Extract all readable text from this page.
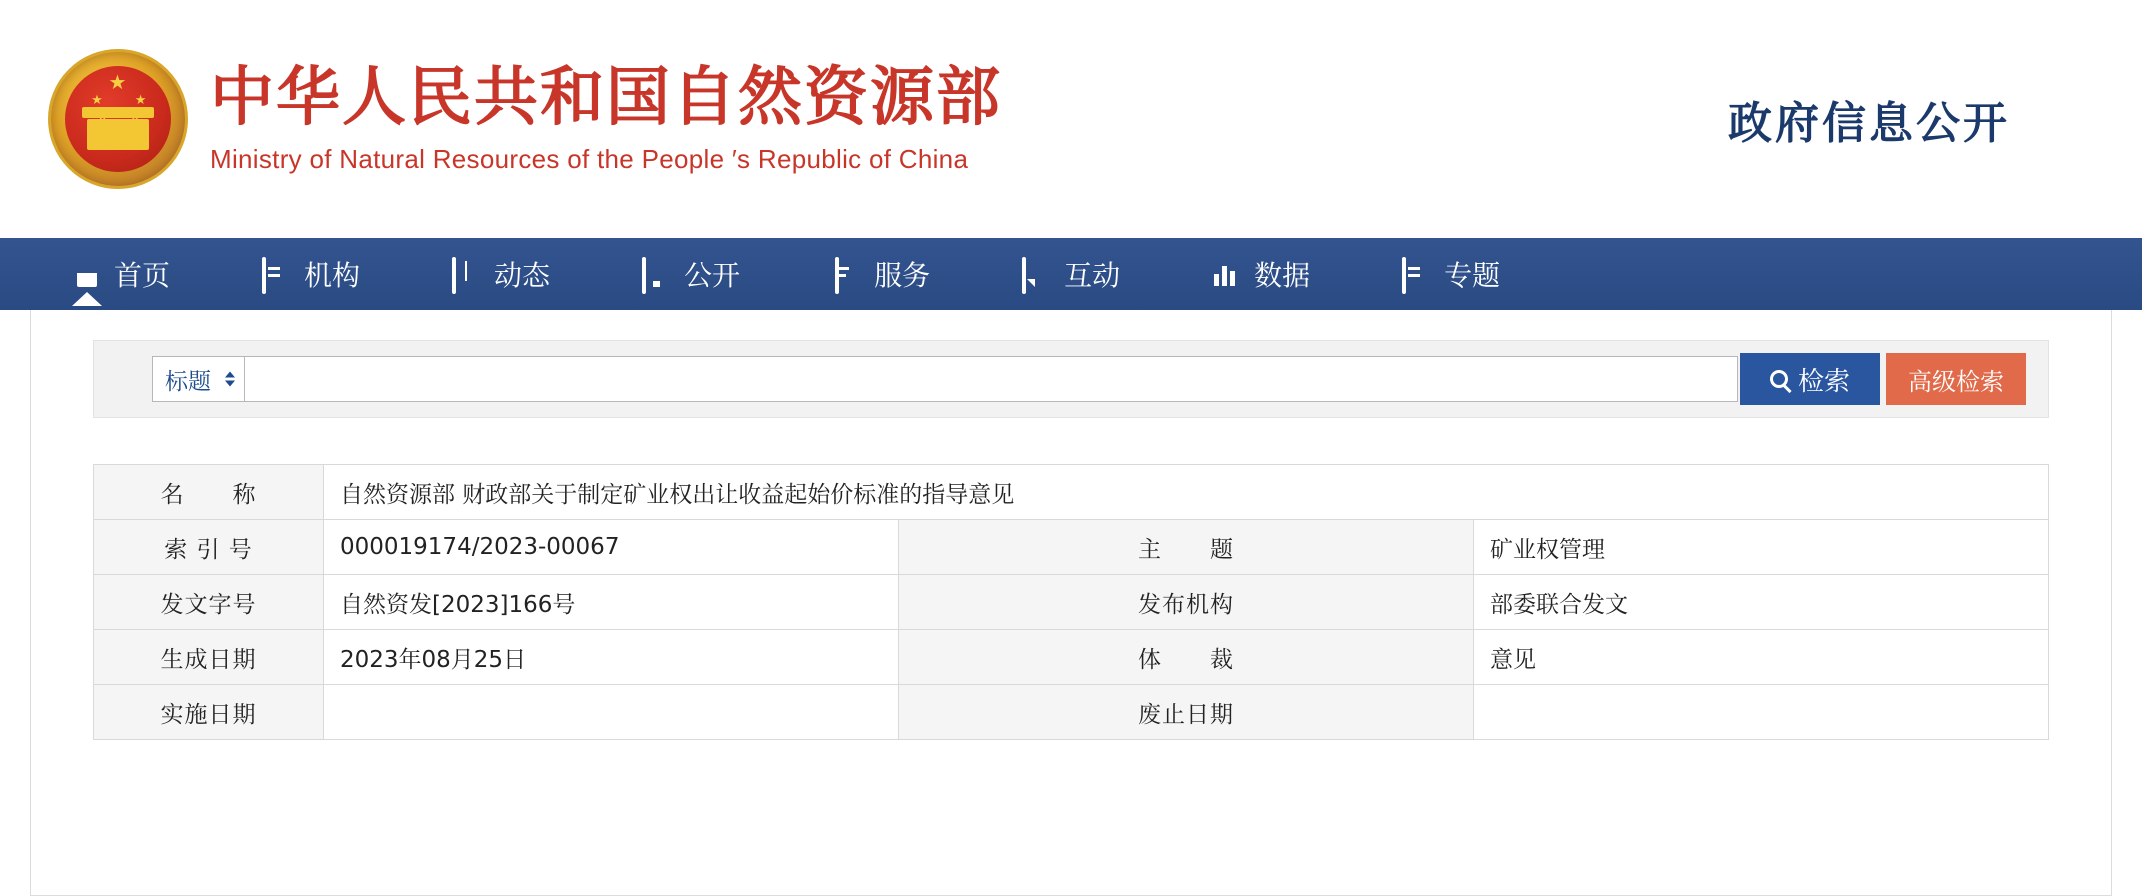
★
★ ★ 中华人民共和国自然资源部
Ministry of Natural Resources of the People ′s Republic of China
政府信息公开
首页	机构	动态	公开	服务	互动	数据	专题
标题	检索	高级检索
名　　称	自然资源部 财政部关于制定矿业权出让收益起始价标准的指导意见		
索 引 号	000019174/2023-00067	主　　题	矿业权管理
发文字号	自然资发[2023]166号	发布机构	部委联合发文
生成日期	2023年08月25日	体　　裁	意见
实施日期		废止日期	
